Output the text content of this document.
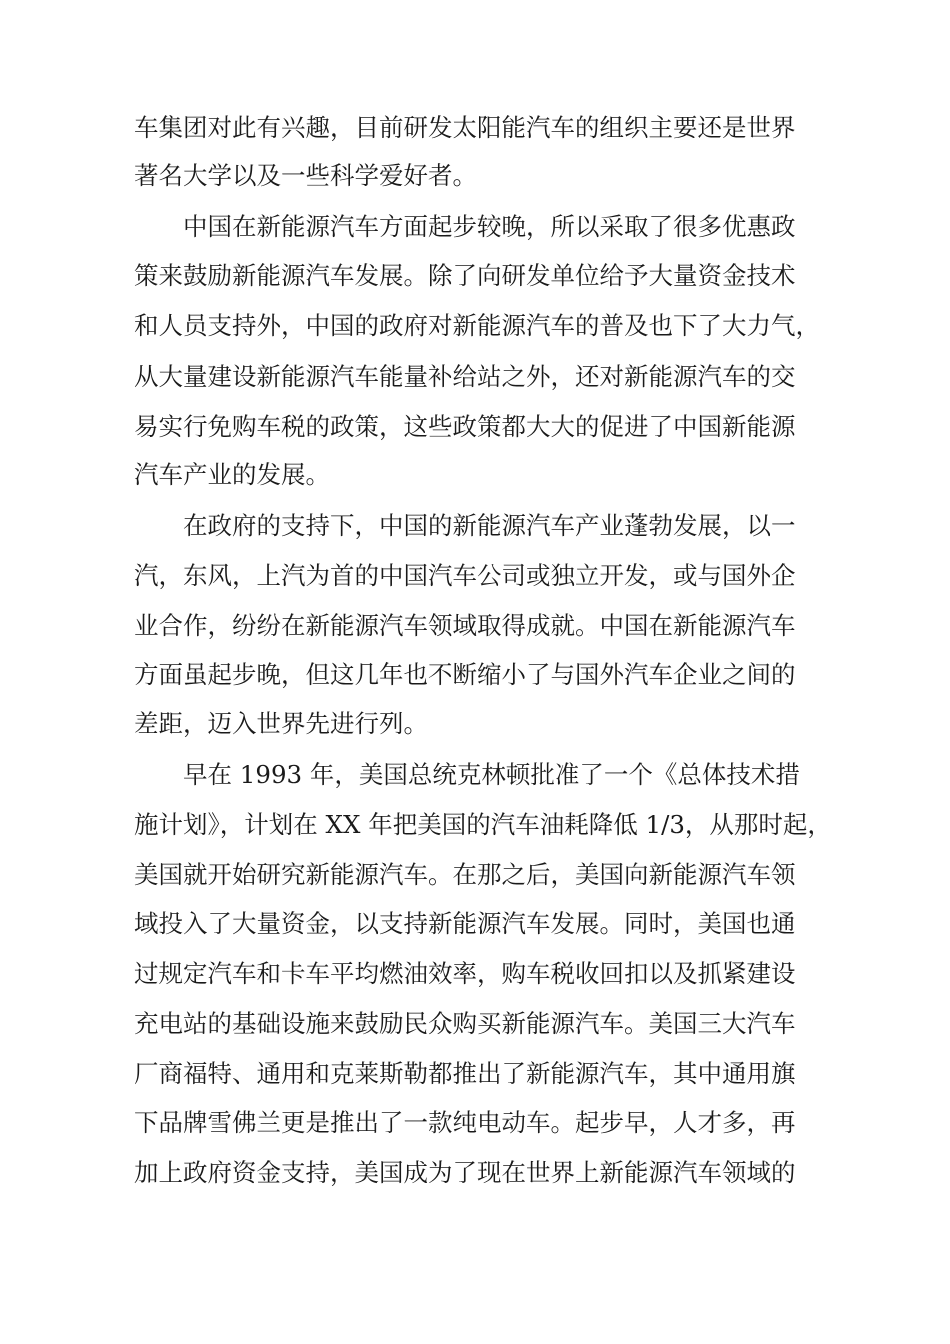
车集团对此有兴趣，目前研发太阳能汽车的组织主要还是世界

著名大学以及一些科学爱好者。

　　中国在新能源汽车方面起步较晚，所以采取了很多优惠政

策来鼓励新能源汽车发展。除了向研发单位给予大量资金技术

和人员支持外，中国的政府对新能源汽车的普及也下了大力气，

从大量建设新能源汽车能量补给站之外，还对新能源汽车的交

易实行免购车税的政策，这些政策都大大的促进了中国新能源

汽车产业的发展。

　　在政府的支持下，中国的新能源汽车产业蓬勃发展，以一

汽，东风，上汽为首的中国汽车公司或独立开发，或与国外企

业合作，纷纷在新能源汽车领域取得成就。中国在新能源汽车

方面虽起步晚，但这几年也不断缩小了与国外汽车企业之间的

差距，迈入世界先进行列。

　　早在 1993 年，美国总统克林顿批准了一个《总体技术措

施计划》，计划在 XX 年把美国的汽车油耗降低 1/3，从那时起，

美国就开始研究新能源汽车。在那之后，美国向新能源汽车领

域投入了大量资金，以支持新能源汽车发展。同时，美国也通

过规定汽车和卡车平均燃油效率，购车税收回扣以及抓紧建设

充电站的基础设施来鼓励民众购买新能源汽车。美国三大汽车

厂商福特、通用和克莱斯勒都推出了新能源汽车，其中通用旗

下品牌雪佛兰更是推出了一款纯电动车。起步早，人才多，再

加上政府资金支持，美国成为了现在世界上新能源汽车领域的
